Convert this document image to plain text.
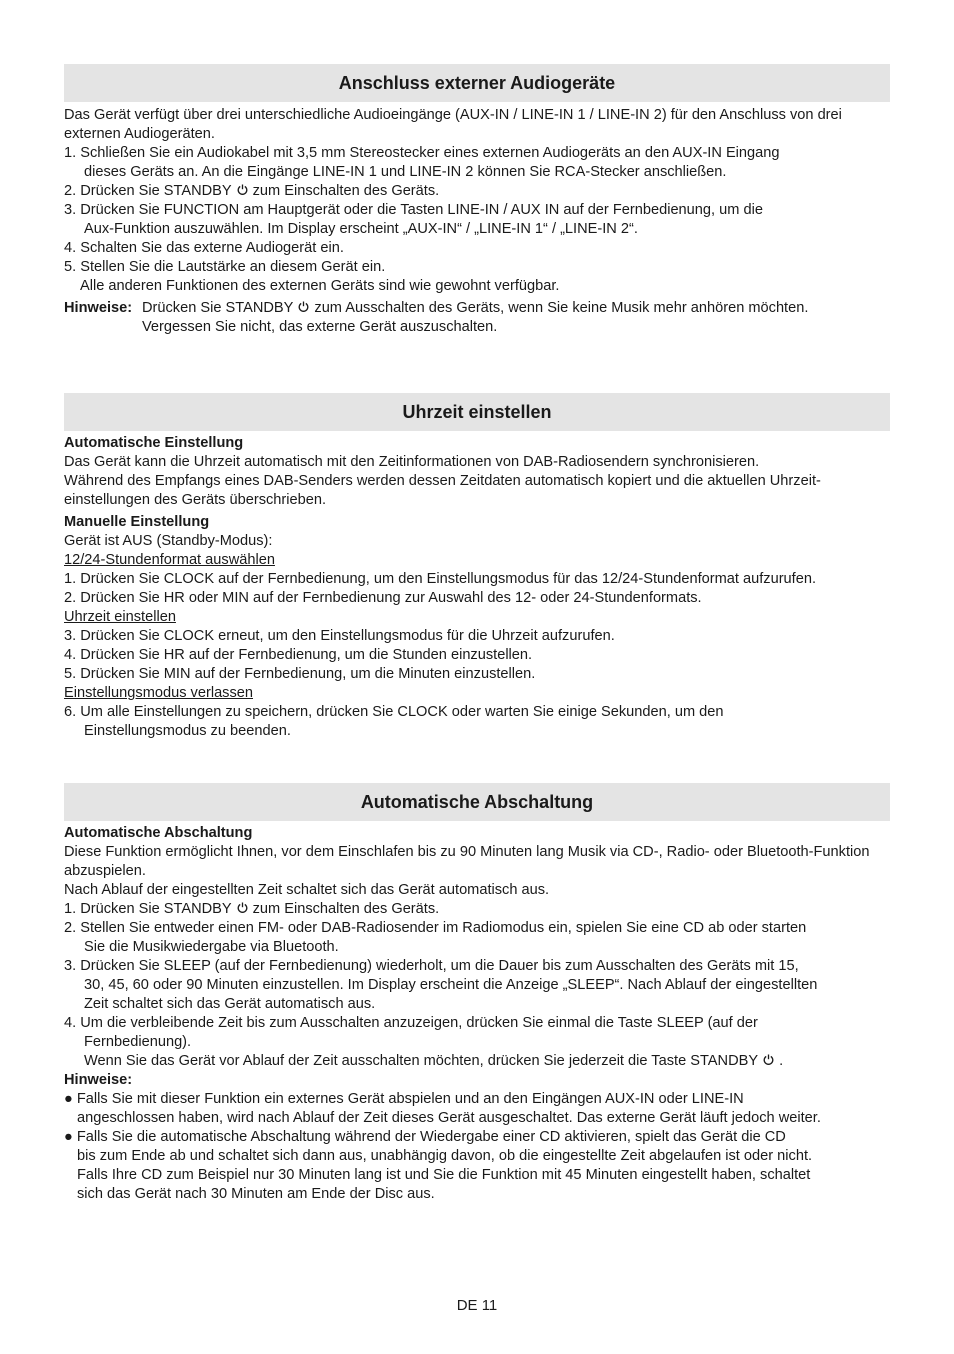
Anschluss externer Audiogeräte

Das Gerät verfügt über drei unterschiedliche Audioeingänge (AUX-IN / LINE-IN 1 / LINE-IN 2) für den Anschluss von drei externen Audiogeräten.

1. Schließen Sie ein Audiokabel mit 3,5 mm Stereostecker eines externen Audiogeräts an den AUX-IN Eingang

dieses Geräts an. An die Eingänge LINE-IN 1 und LINE-IN 2 können Sie RCA-Stecker anschließen.

2. Drücken Sie STANDBY zum Einschalten des Geräts.

3. Drücken Sie FUNCTION am Hauptgerät oder die Tasten LINE-IN / AUX IN auf der Fernbedienung, um die

Aux-Funktion auszuwählen. Im Display erscheint „AUX-IN“ / „LINE-IN 1“ / „LINE-IN 2“.

4. Schalten Sie das externe Audiogerät ein.

5. Stellen Sie die Lautstärke an diesem Gerät ein.

Alle anderen Funktionen des externen Geräts sind wie gewohnt verfügbar.

Hinweise: Drücken Sie STANDBY zum Ausschalten des Geräts, wenn Sie keine Musik mehr anhören möchten.

Vergessen Sie nicht, das externe Gerät auszuschalten.

Uhrzeit einstellen

Automatische Einstellung

Das Gerät kann die Uhrzeit automatisch mit den Zeitinformationen von DAB-Radiosendern synchronisieren.

Während des Empfangs eines DAB-Senders werden dessen Zeitdaten automatisch kopiert und die aktuellen Uhrzeit-einstellungen des Geräts überschrieben.

Manuelle Einstellung

Gerät ist AUS (Standby-Modus):

12/24-Stundenformat auswählen

1. Drücken Sie CLOCK auf der Fernbedienung, um den Einstellungsmodus für das 12/24-Stundenformat aufzurufen.

2. Drücken Sie HR oder MIN auf der Fernbedienung zur Auswahl des 12- oder 24-Stundenformats.

Uhrzeit einstellen

3. Drücken Sie CLOCK erneut, um den Einstellungsmodus für die Uhrzeit aufzurufen.

4. Drücken Sie HR auf der Fernbedienung, um die Stunden einzustellen.

5. Drücken Sie MIN auf der Fernbedienung, um die Minuten einzustellen.

Einstellungsmodus verlassen

6. Um alle Einstellungen zu speichern, drücken Sie CLOCK oder warten Sie einige Sekunden, um den

Einstellungsmodus zu beenden.

Automatische Abschaltung

Automatische Abschaltung

Diese Funktion ermöglicht Ihnen, vor dem Einschlafen bis zu 90 Minuten lang Musik via CD-, Radio- oder Bluetooth-Funktion abzuspielen.

Nach Ablauf der eingestellten Zeit schaltet sich das Gerät automatisch aus.

1. Drücken Sie STANDBY zum Einschalten des Geräts.

2. Stellen Sie entweder einen FM- oder DAB-Radiosender im Radiomodus ein, spielen Sie eine CD ab oder starten

Sie die Musikwiedergabe via Bluetooth.

3. Drücken Sie SLEEP (auf der Fernbedienung) wiederholt, um die Dauer bis zum Ausschalten des Geräts mit 15,

30, 45, 60 oder 90 Minuten einzustellen. Im Display erscheint die Anzeige „SLEEP“. Nach Ablauf der eingestellten

Zeit schaltet sich das Gerät automatisch aus.

4. Um die verbleibende Zeit bis zum Ausschalten anzuzeigen, drücken Sie einmal die Taste SLEEP (auf der

Fernbedienung).

Wenn Sie das Gerät vor Ablauf der Zeit ausschalten möchten, drücken Sie jederzeit die Taste STANDBY .

Hinweise:

● Falls Sie mit dieser Funktion ein externes Gerät abspielen und an den Eingängen AUX-IN oder LINE-IN

angeschlossen haben, wird nach Ablauf der Zeit dieses Gerät ausgeschaltet. Das externe Gerät läuft jedoch weiter.

● Falls Sie die automatische Abschaltung während der Wiedergabe einer CD aktivieren, spielt das Gerät die CD

bis zum Ende ab und schaltet sich dann aus, unabhängig davon, ob die eingestellte Zeit abgelaufen ist oder nicht.

Falls Ihre CD zum Beispiel nur 30 Minuten lang ist und Sie die Funktion mit 45 Minuten eingestellt haben, schaltet

sich das Gerät nach 30 Minuten am Ende der Disc aus.

DE 11
